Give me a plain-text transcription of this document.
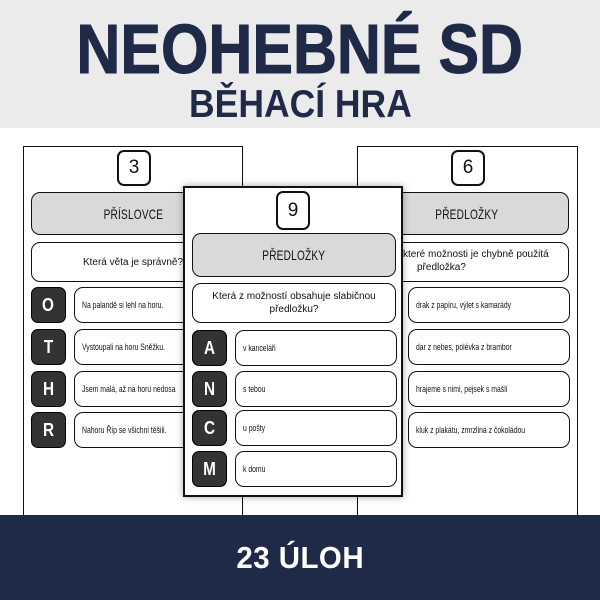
NEOHEBNÉ SD
BĚHACÍ HRA
3
PŘÍSLOVCE
Která věta je správně?
O	Na palandě si lehl na horu.
T	Vystoupali na horu Sněžku.
H	Jsem malá, až na horu nedosa
R	Nahoru Říp se všichni těšili.
6
PŘEDLOŽKY
které možnosti je chybně použitá
předložka?
drak z papíru, výlet s kamarády
dar z nebes, polévka z brambor
hrajeme s nimi, pejsek s mašlí
kluk z plakátu, zmrzlina z čokoládou
9
PŘEDLOŽKY
Která z možností obsahuje slabičnou
předložku?
A	v kanceláři
N	s tebou
C	u pošty
M	k domu
23 ÚLOH
